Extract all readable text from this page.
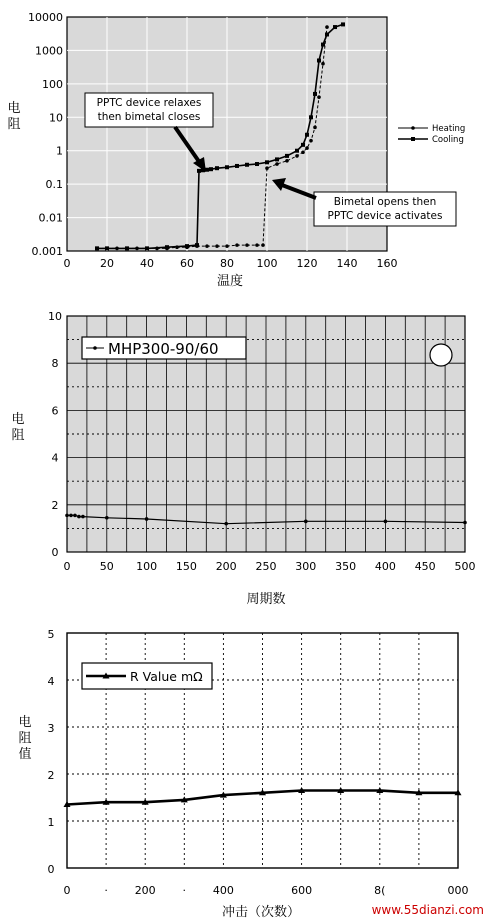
0.001
0.01
0.1
1
10
100
1000
10000
0	20 40 60 80 100 120 140 160
PPTC device relaxes
then bimetal closes
Bimetal opens then
PPTC device activates
Heating
Cooling
温度
电
阻
0
2
4
6
8
10
0	50 100 150 200 250 300 350 400 450 500
MHP300-90/60
周期数
电
阻
0
1
2
3
4
5
0	· 200 · 400	600	8(	000
R Value mΩ
冲击（次数）
电
阻
值
www.55dianzi.com
